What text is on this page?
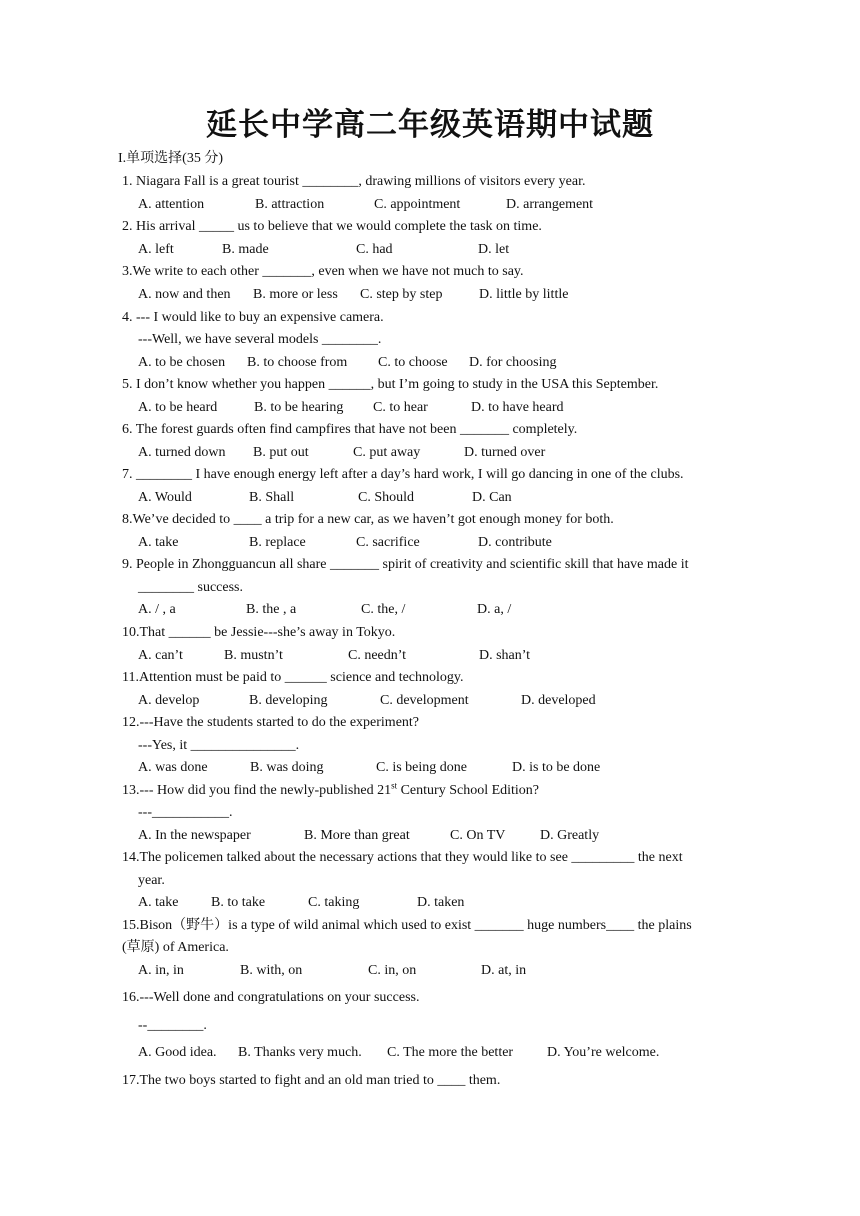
延长中学高二年级英语期中试题
I.单项选择(35 分)
1. Niagara Fall is a great tourist ________, drawing millions of visitors every year.
A. attention	B. attraction	C. appointment	D. arrangement
2. His arrival _____ us to believe that we would complete the task on time.
A. left	B. made	C. had	D. let
3.We write to each other _______, even when we have not much to say.
A. now and then B. more or less C. step by step	D. little by little
4. --- I would like to buy an expensive camera.
---Well, we have several models ________.
A. to be chosen B. to choose from C. to choose D. for choosing
5. I don’t know whether you happen ______, but I’m going to study in the USA this September.
A. to be heard	B. to be hearing C. to hear	D. to have heard
6. The forest guards often find campfires that have not been _______ completely.
A. turned down B. put out	C. put away	D. turned over
7. ________ I have enough energy left after a day’s hard work, I will go dancing in one of the clubs.
A. Would	B. Shall	C. Should	D. Can
8.We’ve decided to ____ a trip for a new car, as we haven’t got enough money for both.
A. take	B. replace	C. sacrifice	D. contribute
9. People in Zhongguancun all share _______ spirit of creativity and scientific skill that have made it
________ success.
A. / , a	B. the , a	C. the, /	D. a, /
10.That ______ be Jessie---she’s away in Tokyo.
A. can’t	B. mustn’t	C. needn’t	D. shan’t
11.Attention must be paid to ______ science and technology.
A. develop	B. developing	C. development	D. developed
12.---Have the students started to do the experiment?
---Yes, it _______________.
A. was done	B. was doing	C. is being done	D. is to be done
13.--- How did you find the newly-published 21st Century School Edition?
---___________.
A. In the newspaper	B. More than great	C. On TV D. Greatly
14.The policemen talked about the necessary actions that they would like to see _________ the next
year.
A. take B. to take	C. taking	D. taken
15.Bison（野牛）is a type of wild animal which used to exist _______ huge numbers____ the plains
(草原) of America.
A. in, in	B. with, on	C. in, on	D. at, in
16.---Well done and congratulations on your success.
--________.
A. Good idea. B. Thanks very much. C. The more the better D. You’re welcome.
17.The two boys started to fight and an old man tried to ____ them.
